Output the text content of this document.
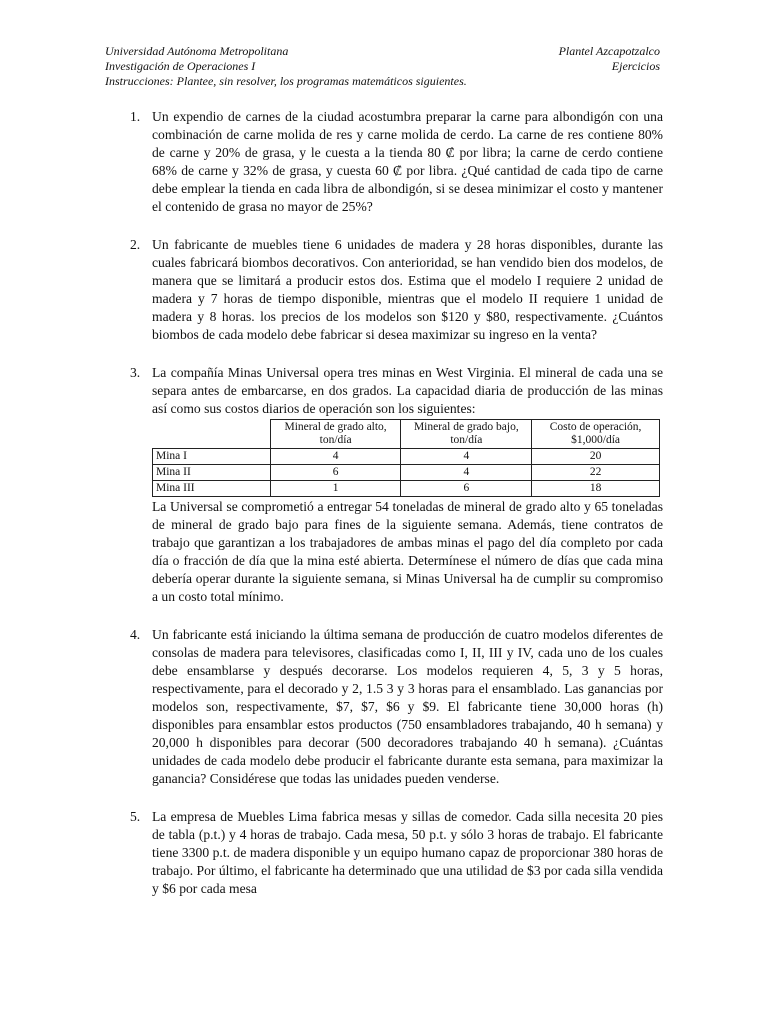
Universidad Autónoma Metropolitana	Plantel Azcapotzalco
Investigación de Operaciones I	Ejercicios
Instrucciones: Plantee, sin resolver, los programas matemáticos siguientes.
1. Un expendio de carnes de la ciudad acostumbra preparar la carne para albondigón con una combinación de carne molida de res y carne molida de cerdo. La carne de res contiene 80% de carne y 20% de grasa, y le cuesta a la tienda 80 ₡ por libra; la carne de cerdo contiene 68% de carne y 32% de grasa, y cuesta 60 ₡ por libra. ¿Qué cantidad de cada tipo de carne debe emplear la tienda en cada libra de albondigón, si se desea minimizar el costo y mantener el contenido de grasa no mayor de 25%?
2. Un fabricante de muebles tiene 6 unidades de madera y 28 horas disponibles, durante las cuales fabricará biombos decorativos. Con anterioridad, se han vendido bien dos modelos, de manera que se limitará a producir estos dos. Estima que el modelo I requiere 2 unidad de madera y 7 horas de tiempo disponible, mientras que el modelo II requiere 1 unidad de madera y 8 horas. los precios de los modelos son $120 y $80, respectivamente. ¿Cuántos biombos de cada modelo debe fabricar si desea maximizar su ingreso en la venta?
3. La compañía Minas Universal opera tres minas en West Virginia. El mineral de cada una se separa antes de embarcarse, en dos grados. La capacidad diaria de producción de las minas así como sus costos diarios de operación son los siguientes:
	Mineral de grado alto, ton/día	Mineral de grado bajo, ton/día	Costo de operación, $1,000/día
Mina I	4	4	20
Mina II	6	4	22
Mina III	1	6	18
La Universal se comprometió a entregar 54 toneladas de mineral de grado alto y 65 toneladas de mineral de grado bajo para fines de la siguiente semana. Además, tiene contratos de trabajo que garantizan a los trabajadores de ambas minas el pago del día completo por cada día o fracción de día que la mina esté abierta. Determínese el número de días que cada mina debería operar durante la siguiente semana, si Minas Universal ha de cumplir su compromiso a un costo total mínimo.
4. Un fabricante está iniciando la última semana de producción de cuatro modelos diferentes de consolas de madera para televisores, clasificadas como I, II, III y IV, cada uno de los cuales debe ensamblarse y después decorarse. Los modelos requieren 4, 5, 3 y 5 horas, respectivamente, para el decorado y 2, 1.5 3 y 3 horas para el ensamblado. Las ganancias por modelos son, respectivamente, $7, $7, $6 y $9. El fabricante tiene 30,000 horas (h) disponibles para ensamblar estos productos (750 ensambladores trabajando, 40 h semana) y 20,000 h disponibles para decorar (500 decoradores trabajando 40 h semana). ¿Cuántas unidades de cada modelo debe producir el fabricante durante esta semana, para maximizar la ganancia? Considérese que todas las unidades pueden venderse.
5. La empresa de Muebles Lima fabrica mesas y sillas de comedor. Cada silla necesita 20 pies de tabla (p.t.) y 4 horas de trabajo. Cada mesa, 50 p.t. y sólo 3 horas de trabajo. El fabricante tiene 3300 p.t. de madera disponible y un equipo humano capaz de proporcionar 380 horas de trabajo. Por último, el fabricante ha determinado que una utilidad de $3 por cada silla vendida y $6 por cada mesa
